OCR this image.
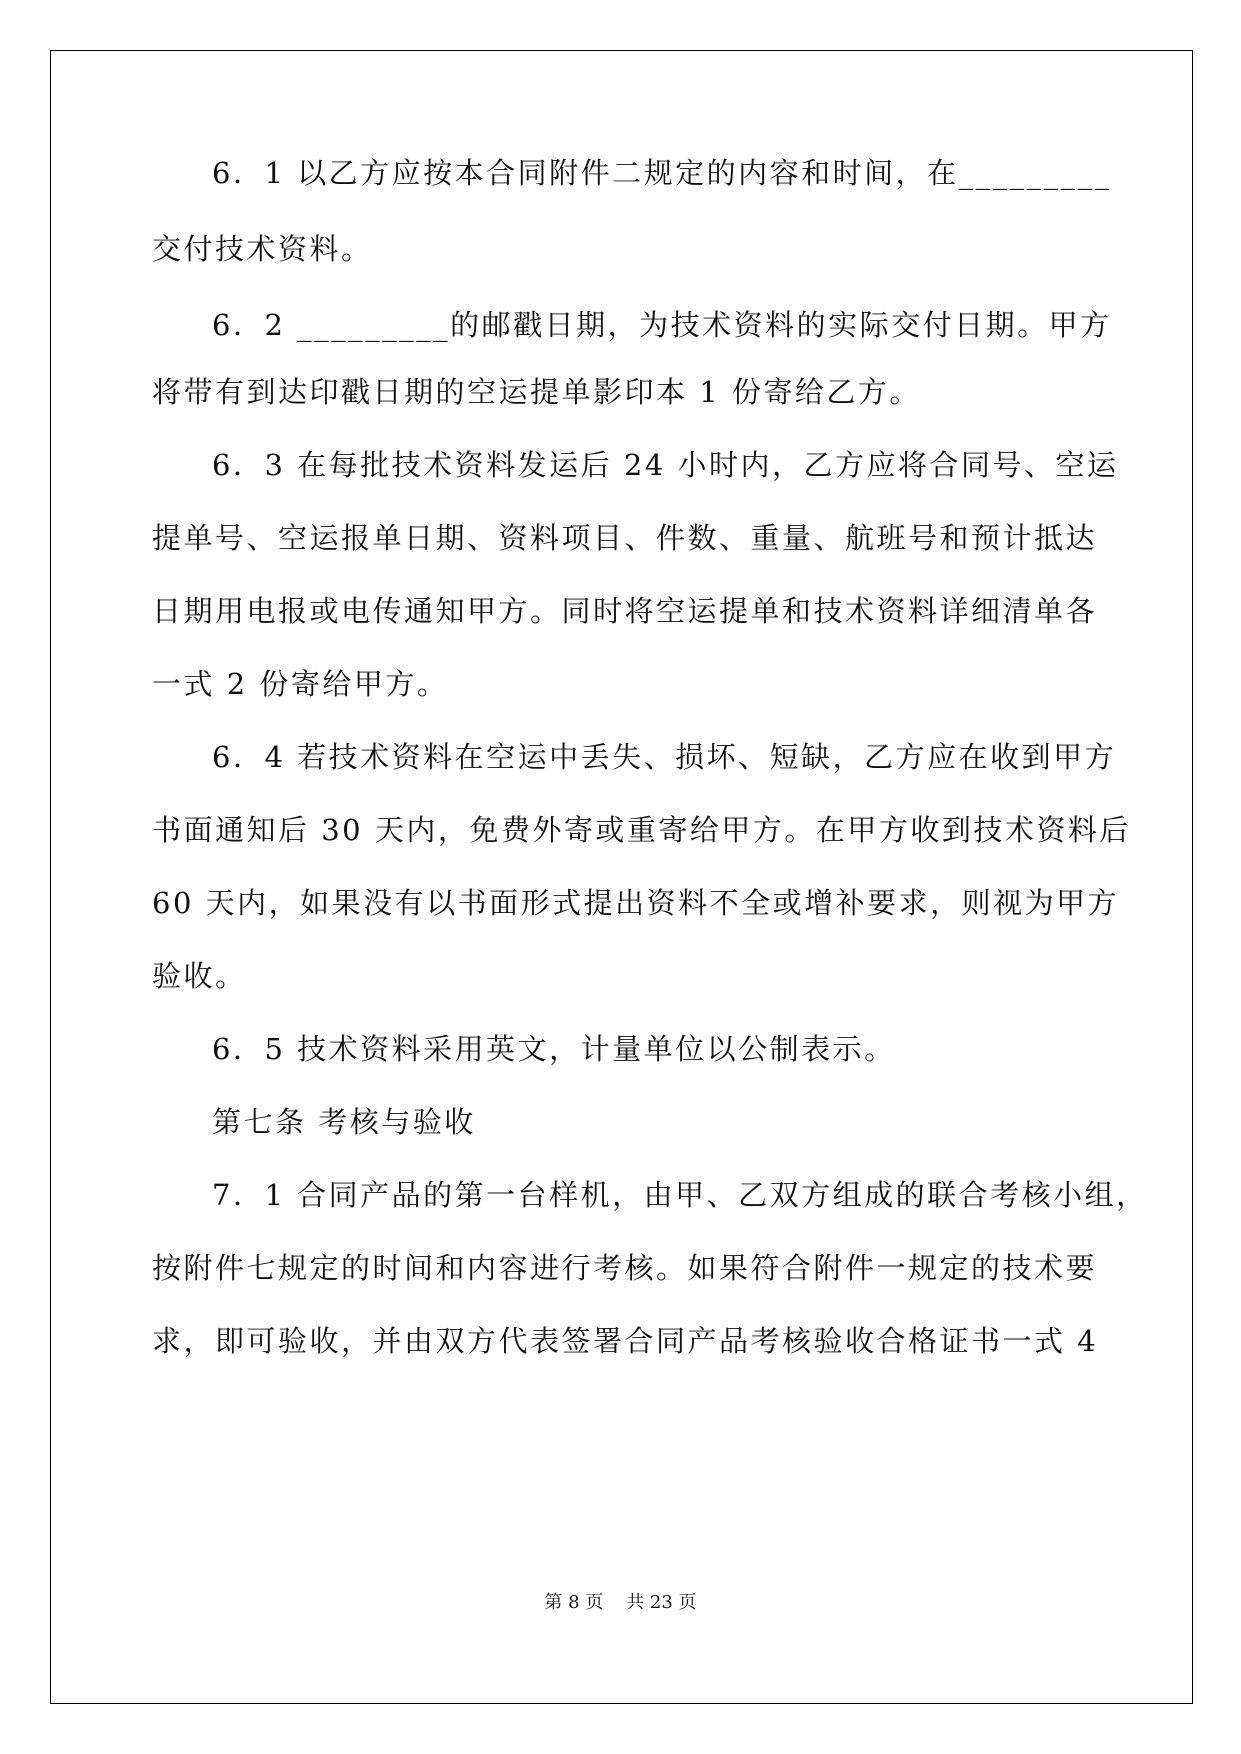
6．1 以乙方应按本合同附件二规定的内容和时间，在_________
交付技术资料。
6．2 _________的邮戳日期，为技术资料的实际交付日期。甲方
将带有到达印戳日期的空运提单影印本 1 份寄给乙方。
6．3 在每批技术资料发运后 24 小时内，乙方应将合同号、空运
提单号、空运报单日期、资料项目、件数、重量、航班号和预计抵达
日期用电报或电传通知甲方。同时将空运提单和技术资料详细清单各
一式 2 份寄给甲方。
6．4 若技术资料在空运中丢失、损坏、短缺，乙方应在收到甲方
书面通知后 30 天内，免费外寄或重寄给甲方。在甲方收到技术资料后
60 天内，如果没有以书面形式提出资料不全或增补要求，则视为甲方
验收。
6．5 技术资料采用英文，计量单位以公制表示。
第七条 考核与验收
7．1 合同产品的第一台样机，由甲、乙双方组成的联合考核小组，
按附件七规定的时间和内容进行考核。如果符合附件一规定的技术要
求，即可验收，并由双方代表签署合同产品考核验收合格证书一式 4
第 8 页    共 23 页
